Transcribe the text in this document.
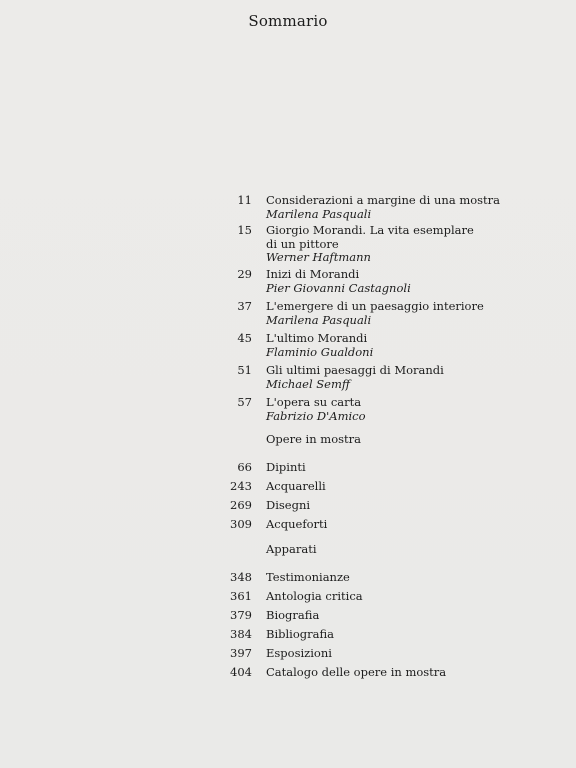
Sommario
11 Considerazioni a margine di una mostra
Marilena Pasquali
15 Giorgio Morandi. La vita esemplare
di un pittore
Werner Haftmann
29 Inizi di Morandi
Pier Giovanni Castagnoli
37 L'emergere di un paesaggio interiore
Marilena Pasquali
45 L'ultimo Morandi
Flaminio Gualdoni
51 Gli ultimi paesaggi di Morandi
Michael Semff
57 L'opera su carta
Fabrizio D'Amico
Opere in mostra
66 Dipinti
243 Acquarelli
269 Disegni
309 Acqueforti
Apparati
348 Testimonianze
361 Antologia critica
379 Biografia
384 Bibliografia
397 Esposizioni
404 Catalogo delle opere in mostra
